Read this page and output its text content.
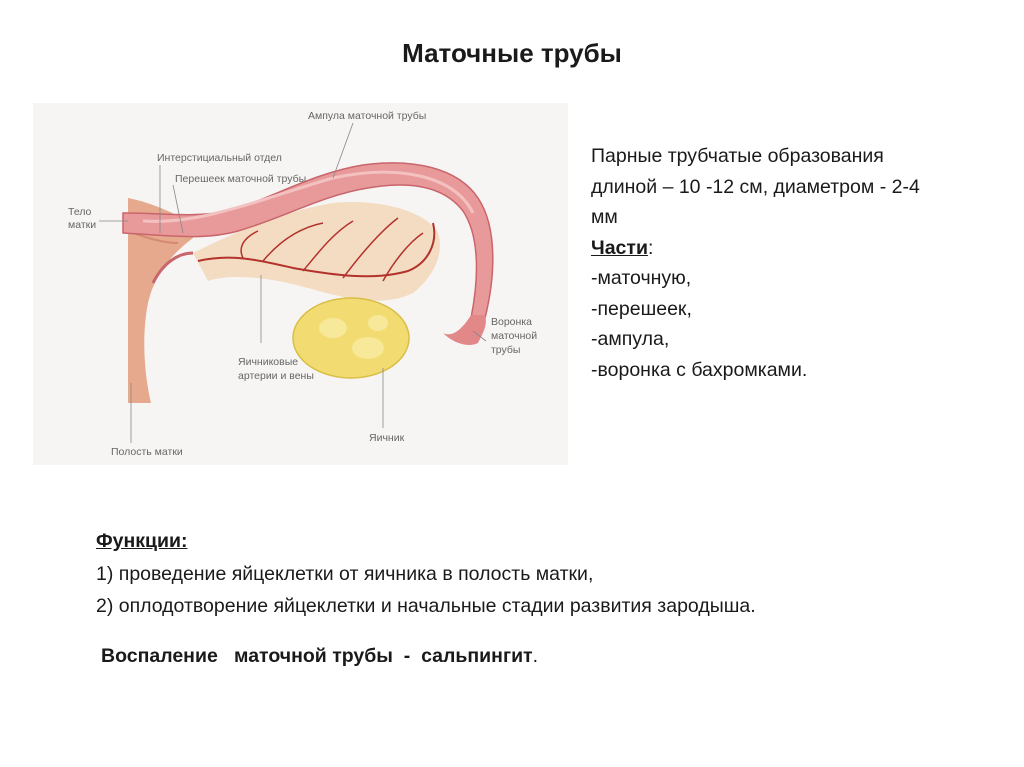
Маточные трубы
Тело
матки
Интерстициальный отдел
Перешеек маточной трубы
Ампула маточной трубы
Воронка
маточной
трубы
Яичниковые
артерии и вены
Яичник
Полость матки
Парные трубчатые образования
длиной – 10 -12 см, диаметром - 2-4
мм
Части:
-маточную,
-перешеек,
-ампула,
-воронка с бахромками.
Функции:
1) проведение яйцеклетки от яичника в полость матки,
2) оплодотворение яйцеклетки и начальные стадии развития зародыша.
Воспаление   маточной трубы  -  сальпингит.
